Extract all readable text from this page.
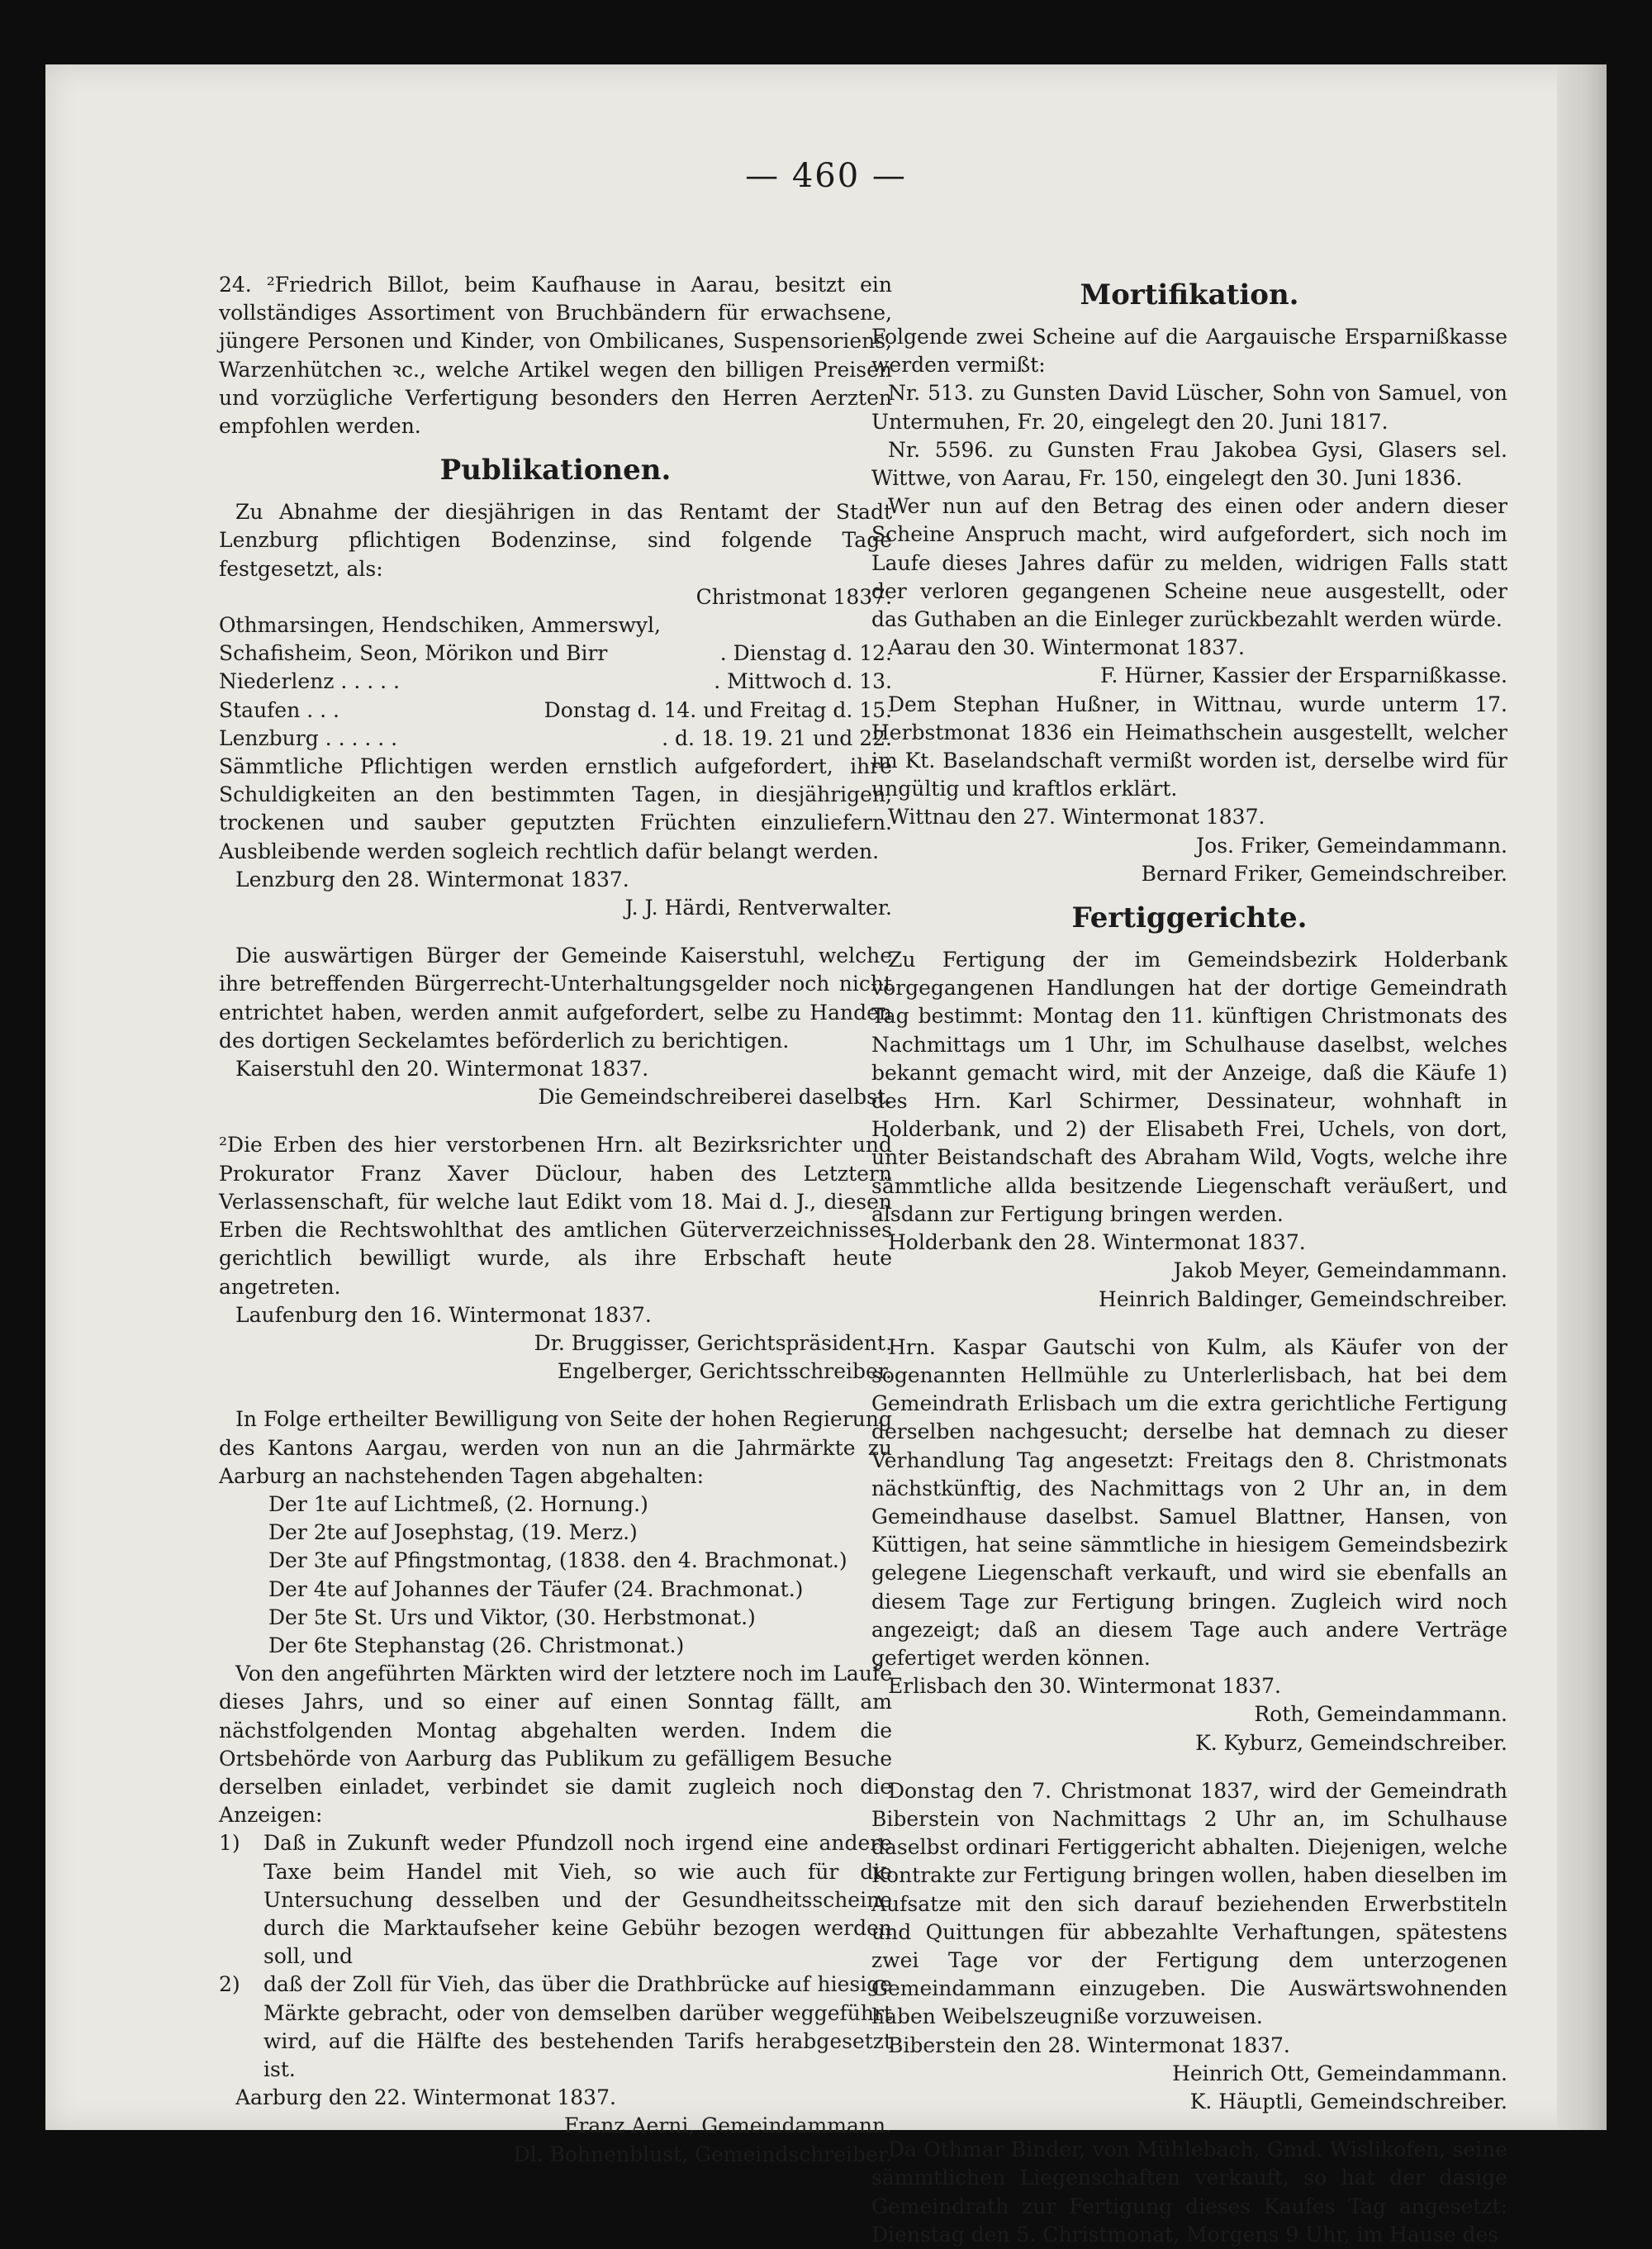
— 460 —

24. ²Friedrich Billot, beim Kaufhause in Aarau, besitzt ein vollständiges Assortiment von Bruchbändern für erwachsene, jüngere Personen und Kinder, von Ombilicanes, Suspensoriens, Warzenhütchen ꝛc., welche Artikel wegen den billigen Preisen und vorzügliche Verfertigung besonders den Herren Aerzten empfohlen werden.

Publikationen.

Zu Abnahme der diesjährigen in das Rentamt der Stadt Lenzburg pflichtigen Bodenzinse, sind folgende Tage festgesetzt, als:

Christmonat 1837.
Othmarsingen, Hendschiken, Ammerswyl,
Schafisheim, Seon, Mörikon und Birr	. Dienstag d. 12.
Niederlenz . . . . .	. Mittwoch d. 13.
Staufen . . .	Donstag d. 14. und Freitag d. 15.
Lenzburg . . . . . .	. d. 18. 19. 21 und 22.

Sämmtliche Pflichtigen werden ernstlich aufgefordert, ihre Schuldigkeiten an den bestimmten Tagen, in diesjährigen, trockenen und sauber geputzten Früchten einzuliefern. Ausbleibende werden sogleich rechtlich dafür belangt werden.

Lenzburg den 28. Wintermonat 1837.
J. J. Härdi, Rentverwalter.

Die auswärtigen Bürger der Gemeinde Kaiserstuhl, welche ihre betreffenden Bürgerrecht-Unterhaltungsgelder noch nicht entrichtet haben, werden anmit aufgefordert, selbe zu Handen des dortigen Seckelamtes beförderlich zu berichtigen.

Kaiserstuhl den 20. Wintermonat 1837.
Die Gemeindschreiberei daselbst.

²Die Erben des hier verstorbenen Hrn. alt Bezirksrichter und Prokurator Franz Xaver Düclour, haben des Letztern Verlassenschaft, für welche laut Edikt vom 18. Mai d. J., diesen Erben die Rechtswohlthat des amtlichen Güterverzeichnisses gerichtlich bewilligt wurde, als ihre Erbschaft heute angetreten.

Laufenburg den 16. Wintermonat 1837.
Dr. Bruggisser, Gerichtspräsident.
Engelberger, Gerichtsschreiber.

In Folge ertheilter Bewilligung von Seite der hohen Regierung des Kantons Aargau, werden von nun an die Jahrmärkte zu Aarburg an nachstehenden Tagen abgehalten:

Der 1te auf Lichtmeß, (2. Hornung.)
Der 2te auf Josephstag, (19. Merz.)
Der 3te auf Pfingstmontag, (1838. den 4. Brachmonat.)
Der 4te auf Johannes der Täufer (24. Brachmonat.)
Der 5te St. Urs und Viktor, (30. Herbstmonat.)
Der 6te Stephanstag (26. Christmonat.)

Von den angeführten Märkten wird der letztere noch im Laufe dieses Jahrs, und so einer auf einen Sonntag fällt, am nächstfolgenden Montag abgehalten werden. Indem die Ortsbehörde von Aarburg das Publikum zu gefälligem Besuche derselben einladet, verbindet sie damit zugleich noch die Anzeigen:

1)	Daß in Zukunft weder Pfundzoll noch irgend eine andere Taxe beim Handel mit Vieh, so wie auch für die Untersuchung desselben und der Gesundheitsscheine durch die Marktaufseher keine Gebühr bezogen werden soll, und
2)	daß der Zoll für Vieh, das über die Drathbrücke auf hiesige Märkte gebracht, oder von demselben darüber weggeführt wird, auf die Hälfte des bestehenden Tarifs herabgesetzt ist.
Aarburg den 22. Wintermonat 1837.
Franz Aerni, Gemeindammann.
Dl. Bohnenblust, Gemeindschreiber.
Mortifikation.

Folgende zwei Scheine auf die Aargauische Ersparnißkasse werden vermißt:

Nr. 513. zu Gunsten David Lüscher, Sohn von Samuel, von Untermuhen, Fr. 20, eingelegt den 20. Juni 1817.

Nr. 5596. zu Gunsten Frau Jakobea Gysi, Glasers sel. Wittwe, von Aarau, Fr. 150, eingelegt den 30. Juni 1836.

Wer nun auf den Betrag des einen oder andern dieser Scheine Anspruch macht, wird aufgefordert, sich noch im Laufe dieses Jahres dafür zu melden, widrigen Falls statt der verloren gegangenen Scheine neue ausgestellt, oder das Guthaben an die Einleger zurückbezahlt werden würde.

Aarau den 30. Wintermonat 1837.
F. Hürner, Kassier der Ersparnißkasse.

Dem Stephan Hußner, in Wittnau, wurde unterm 17. Herbstmonat 1836 ein Heimathschein ausgestellt, welcher im Kt. Baselandschaft vermißt worden ist, derselbe wird für ungültig und kraftlos erklärt.

Wittnau den 27. Wintermonat 1837.
Jos. Friker, Gemeindammann.
Bernard Friker, Gemeindschreiber.
Fertiggerichte.

Zu Fertigung der im Gemeindsbezirk Holderbank vorgegangenen Handlungen hat der dortige Gemeindrath Tag bestimmt: Montag den 11. künftigen Christmonats des Nachmittags um 1 Uhr, im Schulhause daselbst, welches bekannt gemacht wird, mit der Anzeige, daß die Käufe 1) des Hrn. Karl Schirmer, Dessinateur, wohnhaft in Holderbank, und 2) der Elisabeth Frei, Uchels, von dort, unter Beistandschaft des Abraham Wild, Vogts, welche ihre sämmtliche allda besitzende Liegenschaft veräußert, und alsdann zur Fertigung bringen werden.

Holderbank den 28. Wintermonat 1837.
Jakob Meyer, Gemeindammann.
Heinrich Baldinger, Gemeindschreiber.

Hrn. Kaspar Gautschi von Kulm, als Käufer von der sogenannten Hellmühle zu Unterlerlisbach, hat bei dem Gemeindrath Erlisbach um die extra gerichtliche Fertigung derselben nachgesucht; derselbe hat demnach zu dieser Verhandlung Tag angesetzt: Freitags den 8. Christmonats nächstkünftig, des Nachmittags von 2 Uhr an, in dem Gemeindhause daselbst. Samuel Blattner, Hansen, von Küttigen, hat seine sämmtliche in hiesigem Gemeindsbezirk gelegene Liegenschaft verkauft, und wird sie ebenfalls an diesem Tage zur Fertigung bringen. Zugleich wird noch angezeigt; daß an diesem Tage auch andere Verträge gefertiget werden können.

Erlisbach den 30. Wintermonat 1837.
Roth, Gemeindammann.
K. Kyburz, Gemeindschreiber.

Donstag den 7. Christmonat 1837, wird der Gemeindrath Biberstein von Nachmittags 2 Uhr an, im Schulhause daselbst ordinari Fertiggericht abhalten. Diejenigen, welche Kontrakte zur Fertigung bringen wollen, haben dieselben im Aufsatze mit den sich darauf beziehenden Erwerbstiteln und Quittungen für abbezahlte Verhaftungen, spätestens zwei Tage vor der Fertigung dem unterzogenen Gemeindammann einzugeben. Die Auswärtswohnenden haben Weibelszeugniße vorzuweisen.

Biberstein den 28. Wintermonat 1837.
Heinrich Ott, Gemeindammann.
K. Häuptli, Gemeindschreiber.

Da Othmar Binder, von Mühlebach, Gmd. Wislikofen, seine sämmtlichen Liegenschaften verkauft, so hat der dasige Gemeindrath zur Fertigung dieses Kaufes Tag angesetzt: Dienstag den 5. Christmonat, Morgens 9 Uhr, im Hause des
